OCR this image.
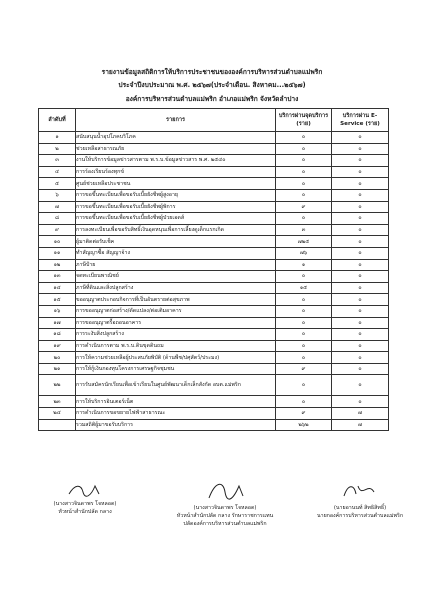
รายงานข้อมูลสถิติการให้บริการประชาชนขององค์การบริหารส่วนตำบลแม่พริก
ประจำปีงบประมาณ พ.ศ. ๒๕๖๗(ประจำเดือน. สิงหาคม...๒๕๖๗)
องค์การบริหารส่วนตำบลแม่พริก อำเภอแม่พริก จังหวัดลำปาง
ลำดับที่	รายการ	บริการผ่านจุดบริการ (ราย)	บริการผ่าน E-Service (ราย)
๑	สนับสนุนน้ำอุปโภคบริโภค	๐	๐
๒	ช่วยเหลือสาธารณภัย	๐	๐
๓	งานให้บริการข้อมูลข่าวสารตาม พ.ร.บ.ข้อมูลข่าวสาร พ.ศ. ๒๕๔๐	๐	๐
๔	การร้องเรียนร้องทุกข์	๐	๐
๕	ศูนย์ช่วยเหลือประชาชน	๐	๐
๖	การขอขึ้นทะเบียนเพื่อขอรับเบี้ยยังชีพผู้สูงอายุ	๐	๐
๗	การขอขึ้นทะเบียนเพื่อขอรับเบี้ยยังชีพผู้พิการ	๙	๐
๘	การขอขึ้นทะเบียนเพื่อขอรับเบี้ยยังชีพผู้ป่วยเอดส์	๐	๐
๙	การลงทะเบียนเพื่อขอรับสิทธิ์เงินอุดหนุนเพื่อการเลี้ยงดูเด็กแรกเกิด	๓	๐
๑๐	ผู้มาติดต่อรับเช็ค	๗๒๕	๐
๑๑	ทำสัญญาซื้อ สัญญาจ้าง	๗๖	๐
๑๒	ภาษีป้าย	๑	๐
๑๓	จดทะเบียนพาณิชย์	๐	๐
๑๔	ภาษีที่ดินและสิ่งปลูกสร้าง	๑๕	๐
๑๕	ขออนุญาตประกอบกิจการที่เป็นอันตรายต่อสุขภาพ	๐	๐
๑๖	การขออนุญาตก่อสร้าง/ดัดแปลง/ต่อเติมอาคาร	๐	๐
๑๗	การขออนุญาตรื้อถอนอาคาร	๐	๐
๑๘	การระงับสิ่งปลูกสร้าง	๐	๐
๑๙	การดำเนินการตาม พ.ร.บ.ดินขุดดินถม	๐	๐
๒๐	การให้ความช่วยเหลือผู้ประสบภัยพิบัติ (ด้านพืช/ปศุสัตว์/ประมง)	๐	๐
๒๑	การให้กู้เงินกองทุนโครงการเศรษฐกิจชุมชน	๙	๐
๒๒	การรับสมัครนักเรียนเพื่อเข้าเรียนในศูนย์พัฒนาเด็กเล็กสังกัด อบต.แม่พริก	๐	๐
๒๓	การให้บริการอินเตอร์เน็ต	๐	๐
๒๔	การดำเนินการขอขยายไฟฟ้าสาธารณะ	๙	๗
	รวมสถิติผู้มาขอรับบริการ	๒๖๒	๗
(นางสาวจินดาพร โจหลอด)
หัวหน้าสำนักปลัด กลาง
(นางสาวจินดาพร โจหลอด)
หัวหน้าสำนักปลัด กลาง รักษาราชการแทน
ปลัดองค์การบริหารส่วนตำบลแม่พริก
(นายอานนท์ สิทธิสิทธิ์)
นายกองค์การบริหารส่วนตำบลแม่พริก
